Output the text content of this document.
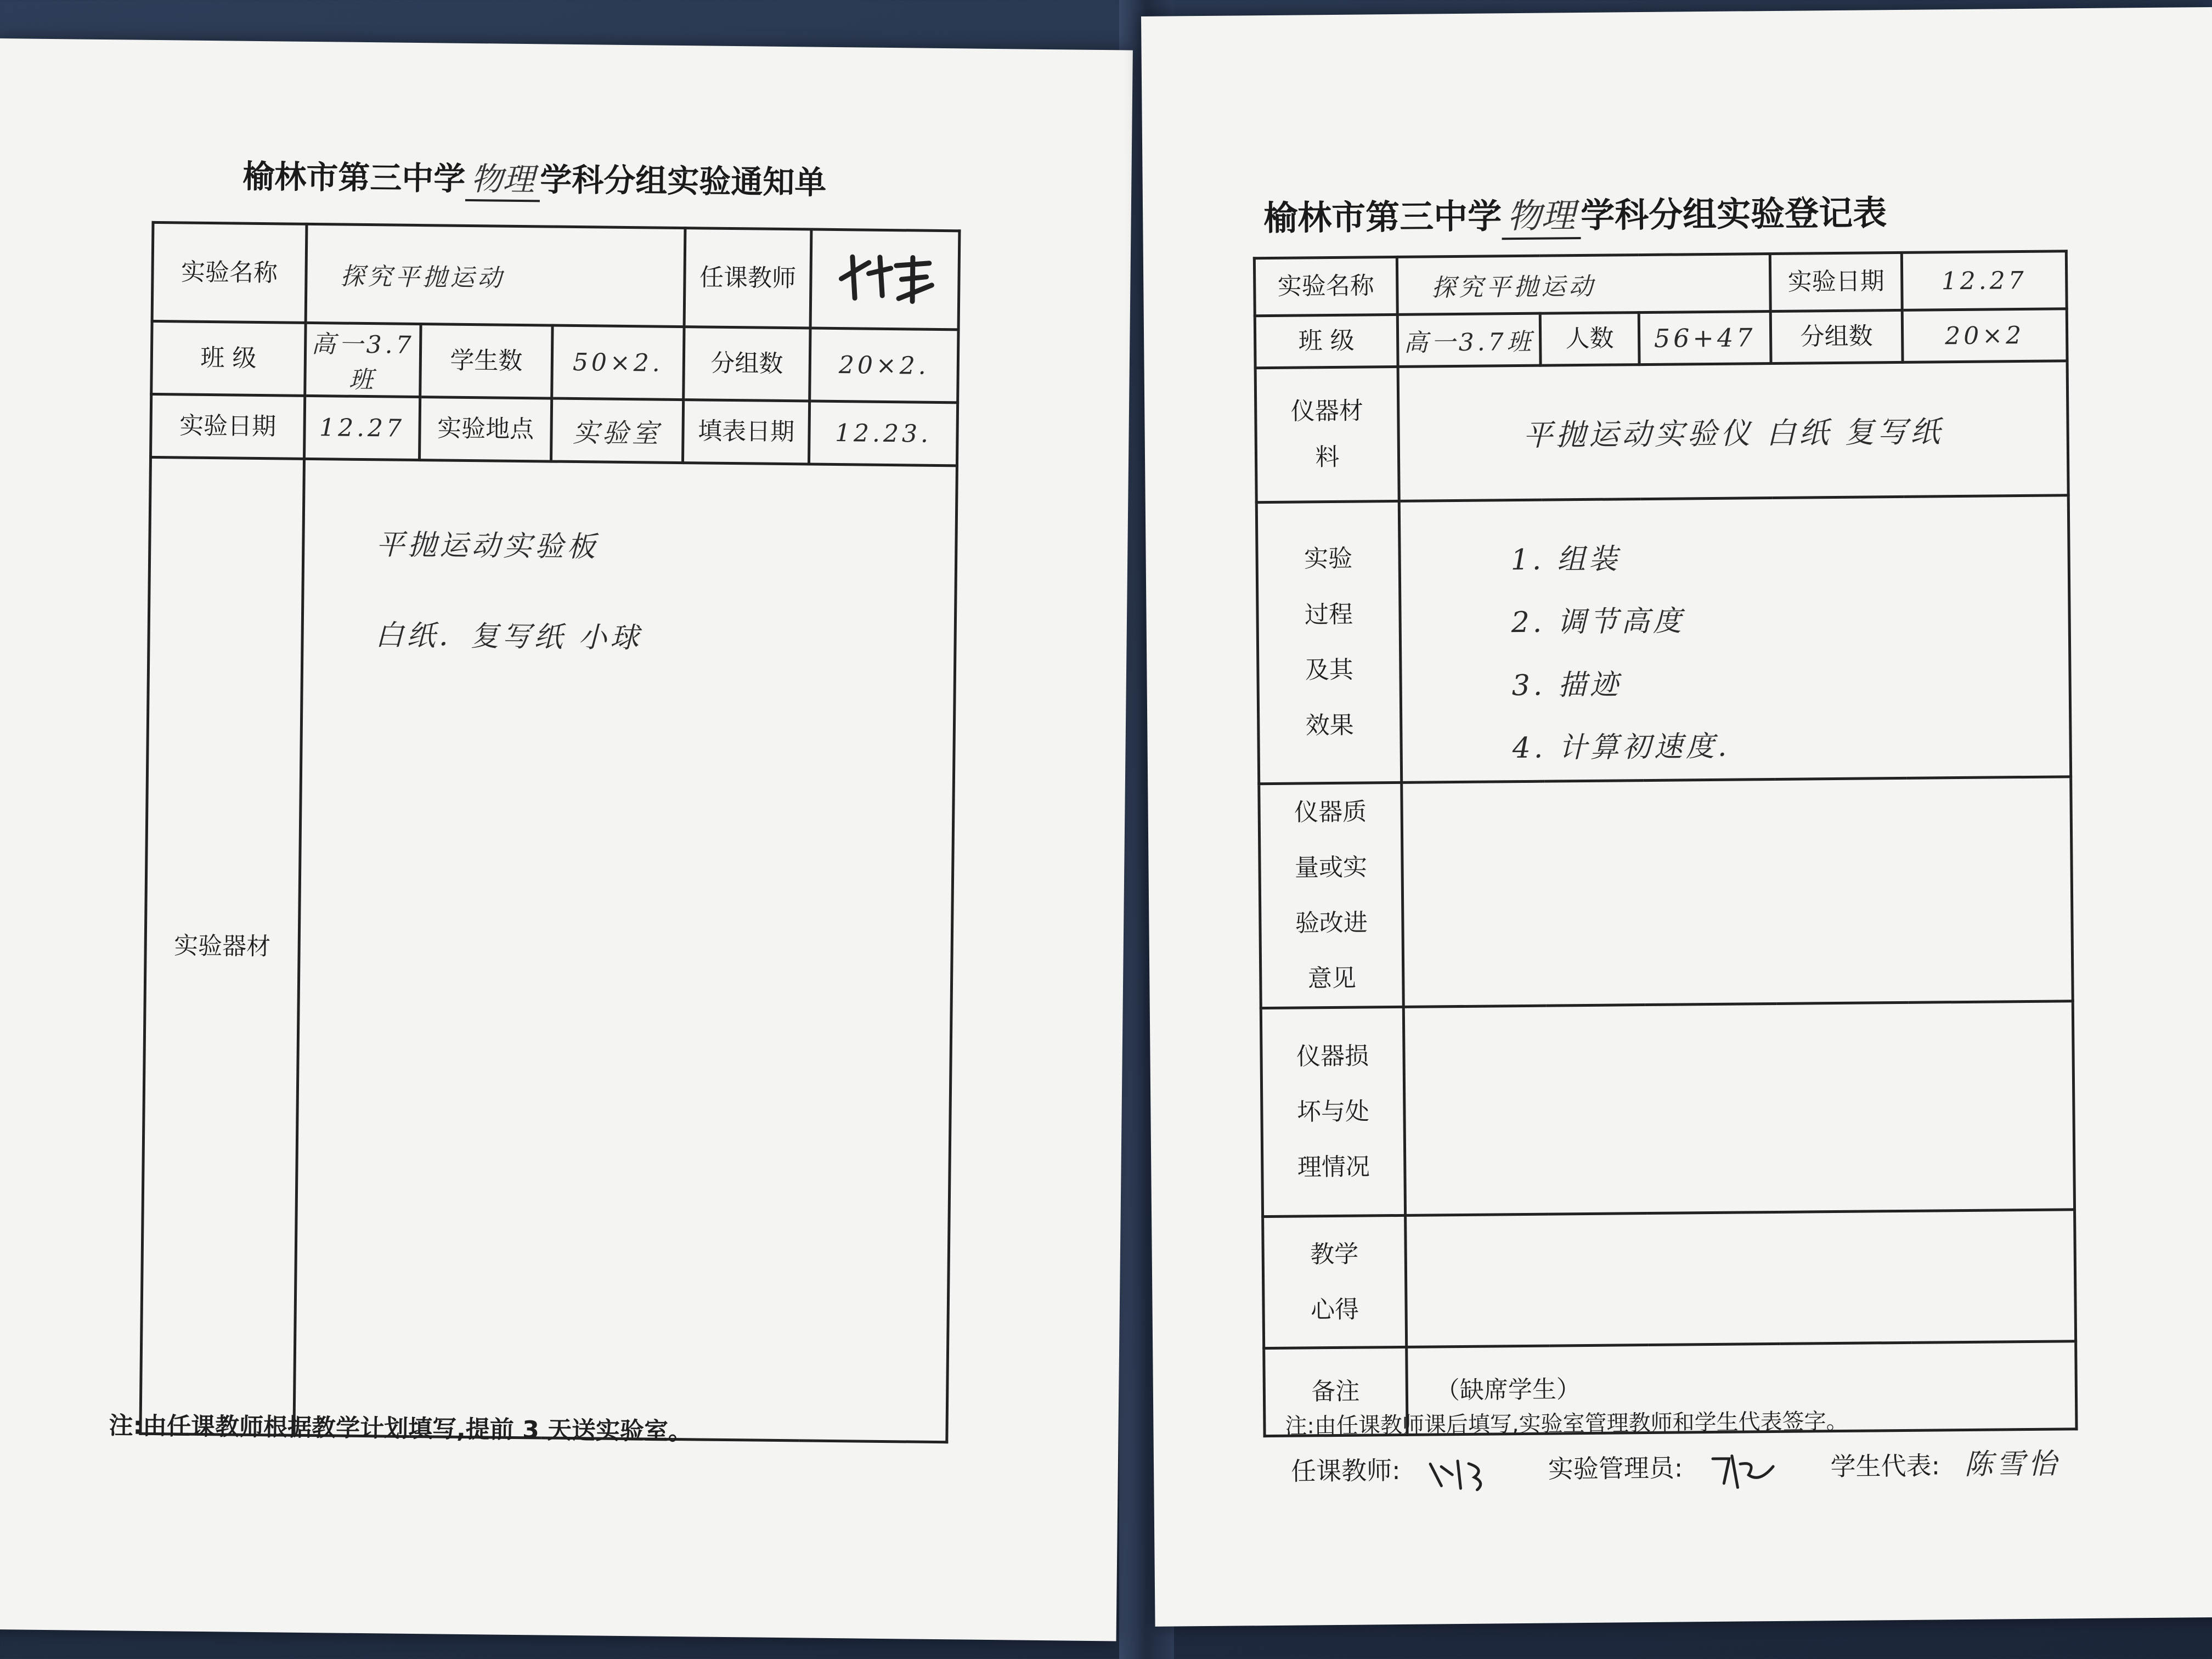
榆林市第三中学 物理 学科分组实验通知单
实验名称	探究平抛运动			任课教师	
班 级	高一3.7班	学生数	50×2.	分组数	20×2.
实验日期	12.27	实验地点	实验室	填表日期	12.23.
实验器材	平抛运动实验板
白纸．复写纸 小球				
注:由任课教师根据教学计划填写,提前 3 天送实验室。
榆林市第三中学 物理 学科分组实验登记表
实验名称	探究平抛运动			实验日期	12.27
班 级	高一3.7班	人数	56+47	分组数	20×2
仪器材料	平抛运动实验仪 白纸 复写纸				
实验过程及其效果	1. 组装
2. 调节高度
3. 描迹
4. 计算初速度.				

仪器质量或实验改进意见					
仪器损坏与处理情况					
教学心得					
备注	（缺席学生）				
注:由任课教师课后填写,实验室管理教师和学生代表签字。
任课教师:	实验管理员:	学生代表: 陈雪怡
